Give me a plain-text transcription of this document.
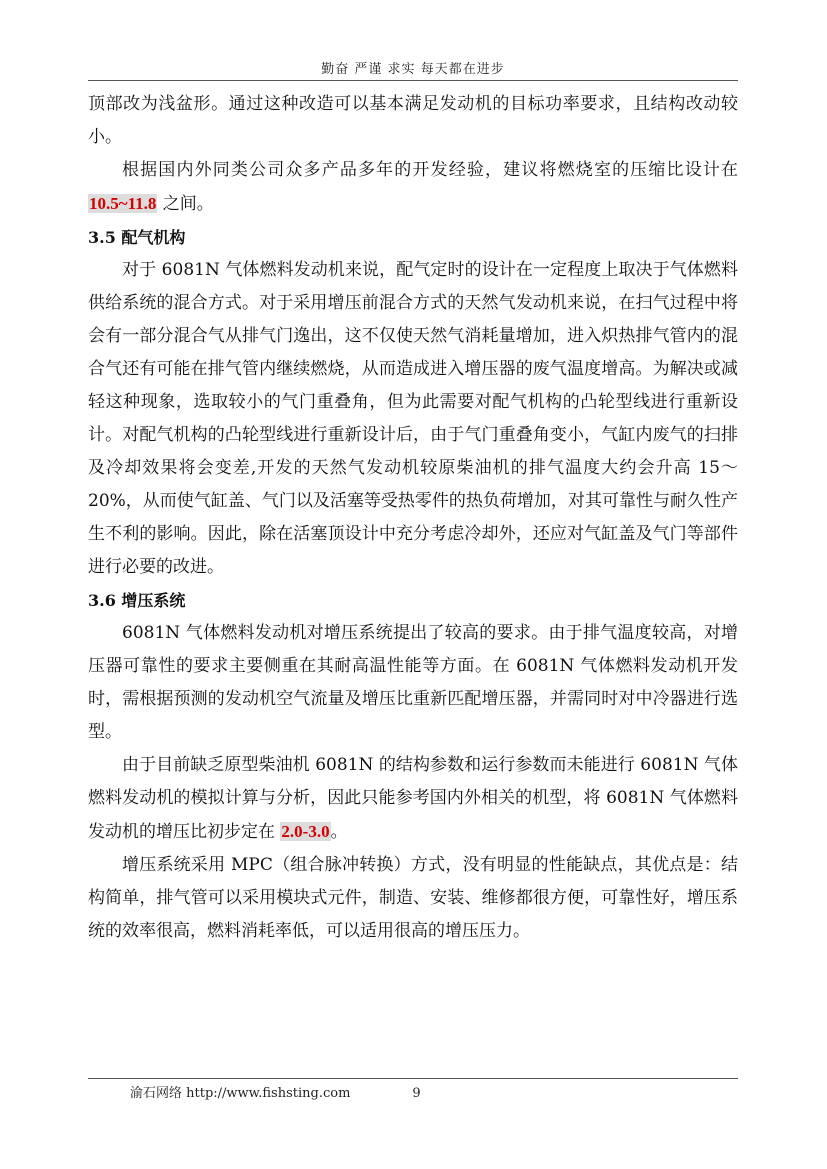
勤奋 严谨 求实 每天都在进步

顶部改为浅盆形。通过这种改造可以基本满足发动机的目标功率要求，且结构改动较小。

根据国内外同类公司众多产品多年的开发经验，建议将燃烧室的压缩比设计在 10.5~11.8 之间。

3.5 配气机构

对于 6081N 气体燃料发动机来说，配气定时的设计在一定程度上取决于气体燃料供给系统的混合方式。对于采用增压前混合方式的天然气发动机来说，在扫气过程中将会有一部分混合气从排气门逸出，这不仅使天然气消耗量增加，进入炽热排气管内的混合气还有可能在排气管内继续燃烧，从而造成进入增压器的废气温度增高。为解决或减轻这种现象，选取较小的气门重叠角，但为此需要对配气机构的凸轮型线进行重新设计。对配气机构的凸轮型线进行重新设计后，由于气门重叠角变小，气缸内废气的扫排及冷却效果将会变差,开发的天然气发动机较原柴油机的排气温度大约会升高 15～20%，从而使气缸盖、气门以及活塞等受热零件的热负荷增加，对其可靠性与耐久性产生不利的影响。因此，除在活塞顶设计中充分考虑冷却外，还应对气缸盖及气门等部件进行必要的改进。

3.6 增压系统

6081N 气体燃料发动机对增压系统提出了较高的要求。由于排气温度较高，对增压器可靠性的要求主要侧重在其耐高温性能等方面。在 6081N 气体燃料发动机开发时，需根据预测的发动机空气流量及增压比重新匹配增压器，并需同时对中冷器进行选型。

由于目前缺乏原型柴油机 6081N 的结构参数和运行参数而未能进行 6081N 气体燃料发动机的模拟计算与分析，因此只能参考国内外相关的机型，将 6081N 气体燃料发动机的增压比初步定在 2.0-3.0。

增压系统采用 MPC（组合脉冲转换）方式，没有明显的性能缺点，其优点是：结构简单，排气管可以采用模块式元件，制造、安装、维修都很方便，可靠性好，增压系统的效率很高，燃料消耗率低，可以适用很高的增压压力。

渝石网络 http://www.fishsting.com	9
